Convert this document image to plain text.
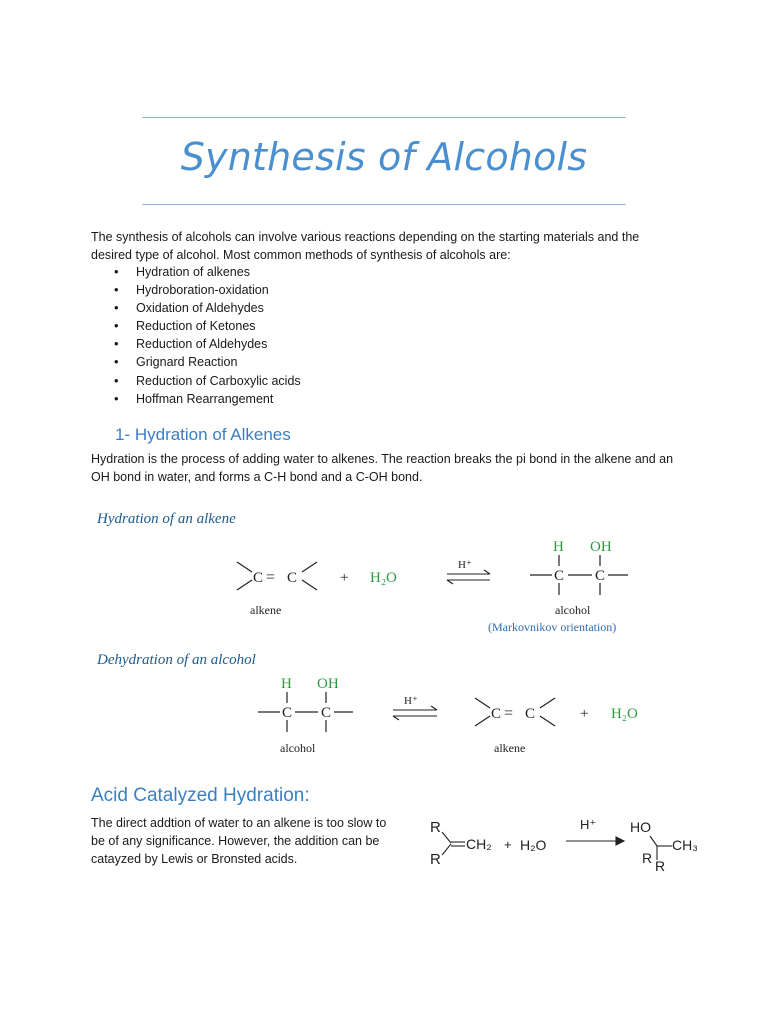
Synthesis of Alcohols

The synthesis of alcohols can involve various reactions depending on the starting materials and the desired type of alcohol. Most common methods of synthesis of alcohols are:

• Hydration of alkenes
• Hydroboration-oxidation
• Oxidation of Aldehydes
• Reduction of Ketones
• Reduction of Aldehydes
• Grignard Reaction
• Reduction of Carboxylic acids
• Hoffman Rearrangement
1- Hydration of Alkenes

Hydration is the process of adding water to alkenes. The reaction breaks the pi bond in the alkene and an OH bond in water, and forms a C-H bond and a C-OH bond.

Hydration of an alkene
C = C
alkene
+ H₂O
H⁺
H OH
C C
alcohol
(Markovnikov orientation)
Dehydration of an alcohol
H OH
C C
alcohol
H⁺
C = C
alkene
+ H₂O
Acid Catalyzed Hydration:

The direct addtion of water to an alkene is too slow to be of any significance. However, the addition can be catayzed by Lewis or Bronsted acids.

R
R
CH₂ + H₂O
H⁺ HO
CH₃
R R
